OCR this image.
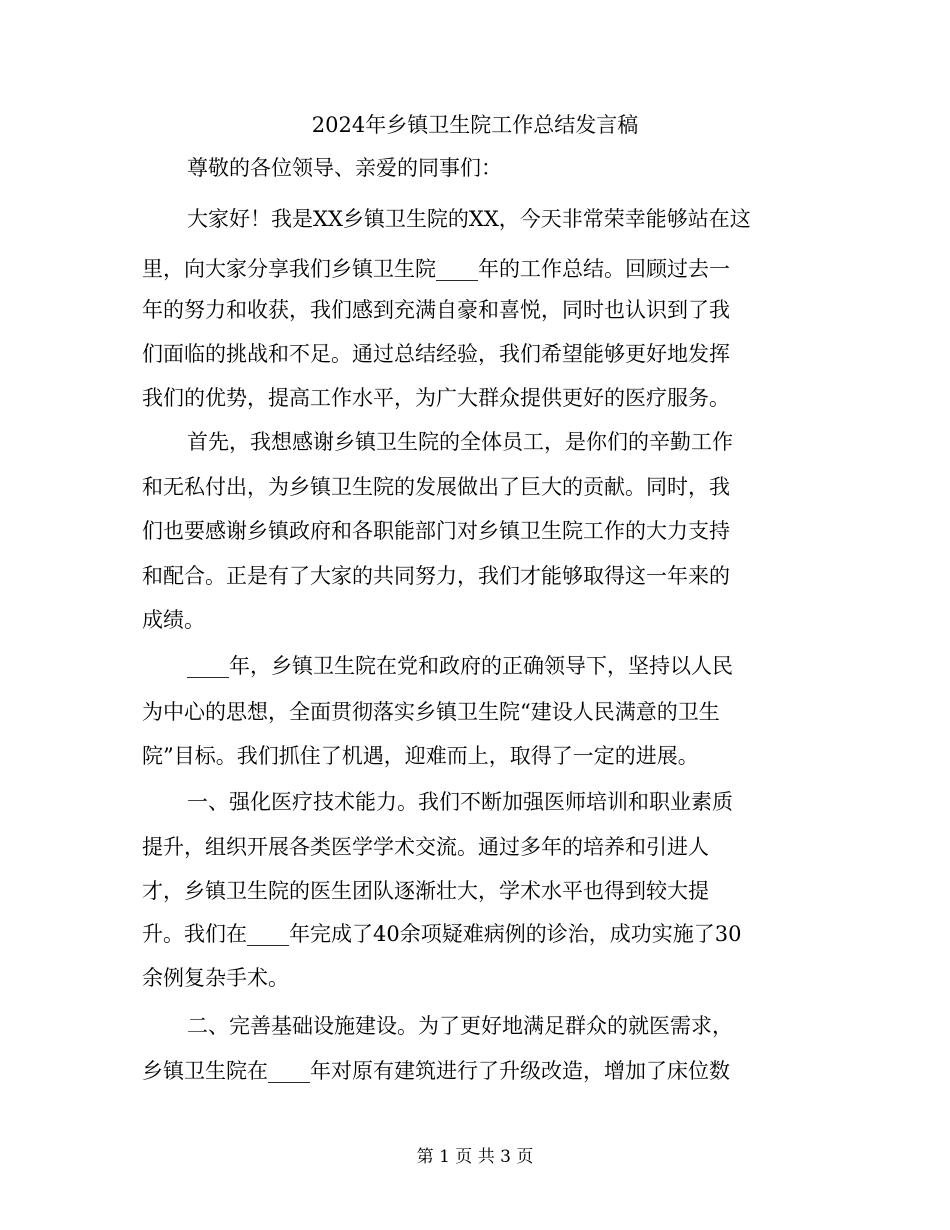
2024年乡镇卫生院工作总结发言稿
尊敬的各位领导、亲爱的同事们：
大家好！我是XX乡镇卫生院的XX，今天非常荣幸能够站在这
里，向大家分享我们乡镇卫生院____年的工作总结。回顾过去一
年的努力和收获，我们感到充满自豪和喜悦，同时也认识到了我
们面临的挑战和不足。通过总结经验，我们希望能够更好地发挥
我们的优势，提高工作水平，为广大群众提供更好的医疗服务。
首先，我想感谢乡镇卫生院的全体员工，是你们的辛勤工作
和无私付出，为乡镇卫生院的发展做出了巨大的贡献。同时，我
们也要感谢乡镇政府和各职能部门对乡镇卫生院工作的大力支持
和配合。正是有了大家的共同努力，我们才能够取得这一年来的
成绩。
____年，乡镇卫生院在党和政府的正确领导下，坚持以人民
为中心的思想，全面贯彻落实乡镇卫生院“建设人民满意的卫生
院”目标。我们抓住了机遇，迎难而上，取得了一定的进展。
一、强化医疗技术能力。我们不断加强医师培训和职业素质
提升，组织开展各类医学学术交流。通过多年的培养和引进人
才，乡镇卫生院的医生团队逐渐壮大，学术水平也得到较大提
升。我们在____年完成了40余项疑难病例的诊治，成功实施了30
余例复杂手术。
二、完善基础设施建设。为了更好地满足群众的就医需求，
乡镇卫生院在____年对原有建筑进行了升级改造，增加了床位数
第 1 页 共 3 页
